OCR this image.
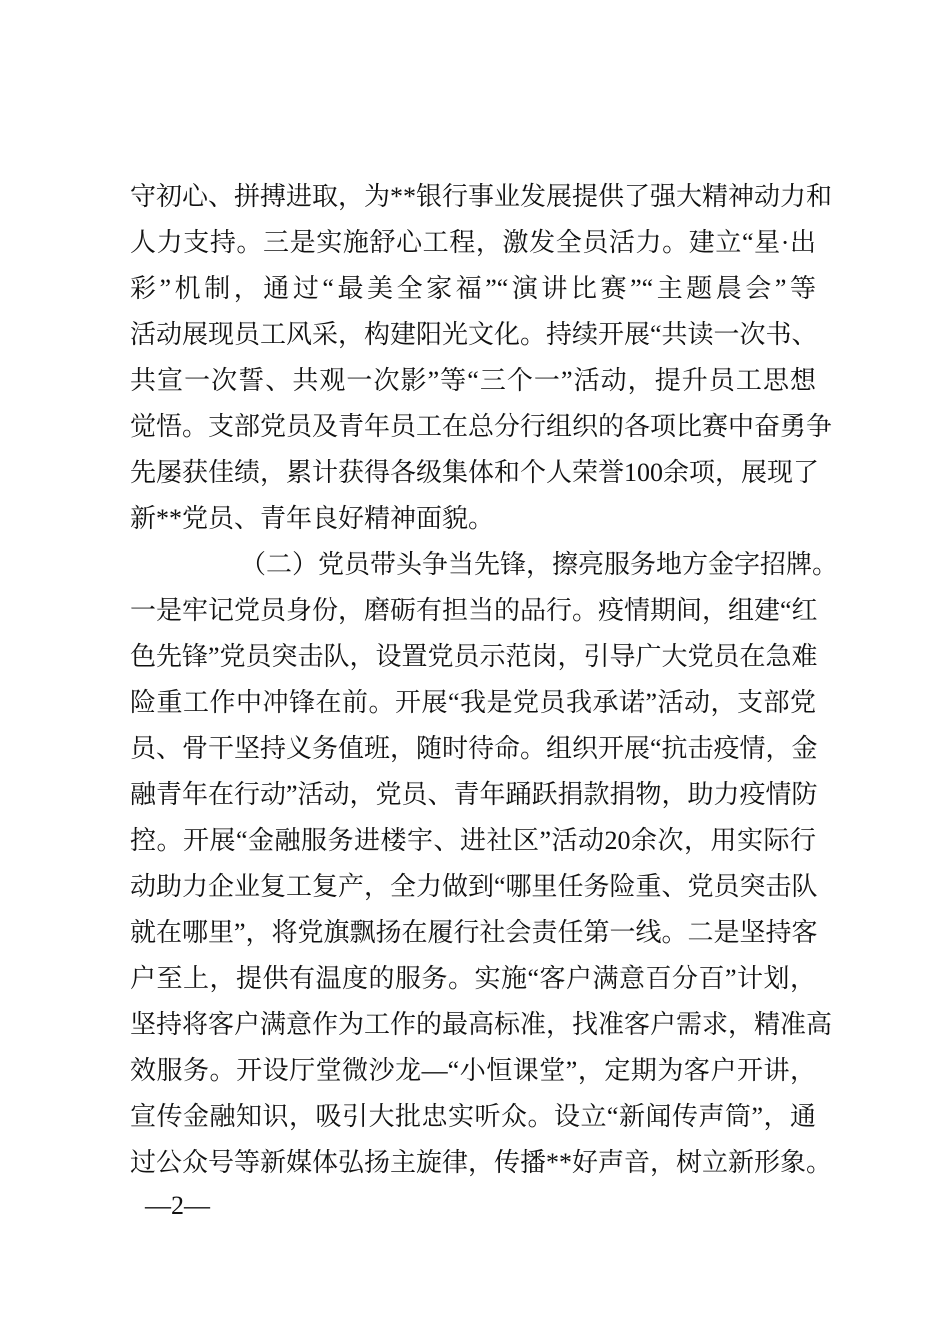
守初心、拼搏进取，为**银行事业发展提供了强大精神动力和
人力支持。三是实施舒心工程，激发全员活力。建立“星·出
彩”机制，通过“最美全家福”“演讲比赛”“主题晨会”等
活动展现员工风采，构建阳光文化。持续开展“共读一次书、
共宣一次誓、共观一次影”等“三个一”活动，提升员工思想
觉悟。支部党员及青年员工在总分行组织的各项比赛中奋勇争
先屡获佳绩，累计获得各级集体和个人荣誉100余项，展现了
新**党员、青年良好精神面貌。
（二）党员带头争当先锋，擦亮服务地方金字招牌。
一是牢记党员身份，磨砺有担当的品行。疫情期间，组建“红
色先锋”党员突击队，设置党员示范岗，引导广大党员在急难
险重工作中冲锋在前。开展“我是党员我承诺”活动，支部党
员、骨干坚持义务值班，随时待命。组织开展“抗击疫情，金
融青年在行动”活动，党员、青年踊跃捐款捐物，助力疫情防
控。开展“金融服务进楼宇、进社区”活动20余次，用实际行
动助力企业复工复产，全力做到“哪里任务险重、党员突击队
就在哪里”，将党旗飘扬在履行社会责任第一线。二是坚持客
户至上，提供有温度的服务。实施“客户满意百分百”计划，
坚持将客户满意作为工作的最高标准，找准客户需求，精准高
效服务。开设厅堂微沙龙—“小恒课堂”，定期为客户开讲，
宣传金融知识，吸引大批忠实听众。设立“新闻传声筒”，通
过公众号等新媒体弘扬主旋律，传播**好声音，树立新形象。
—2—
